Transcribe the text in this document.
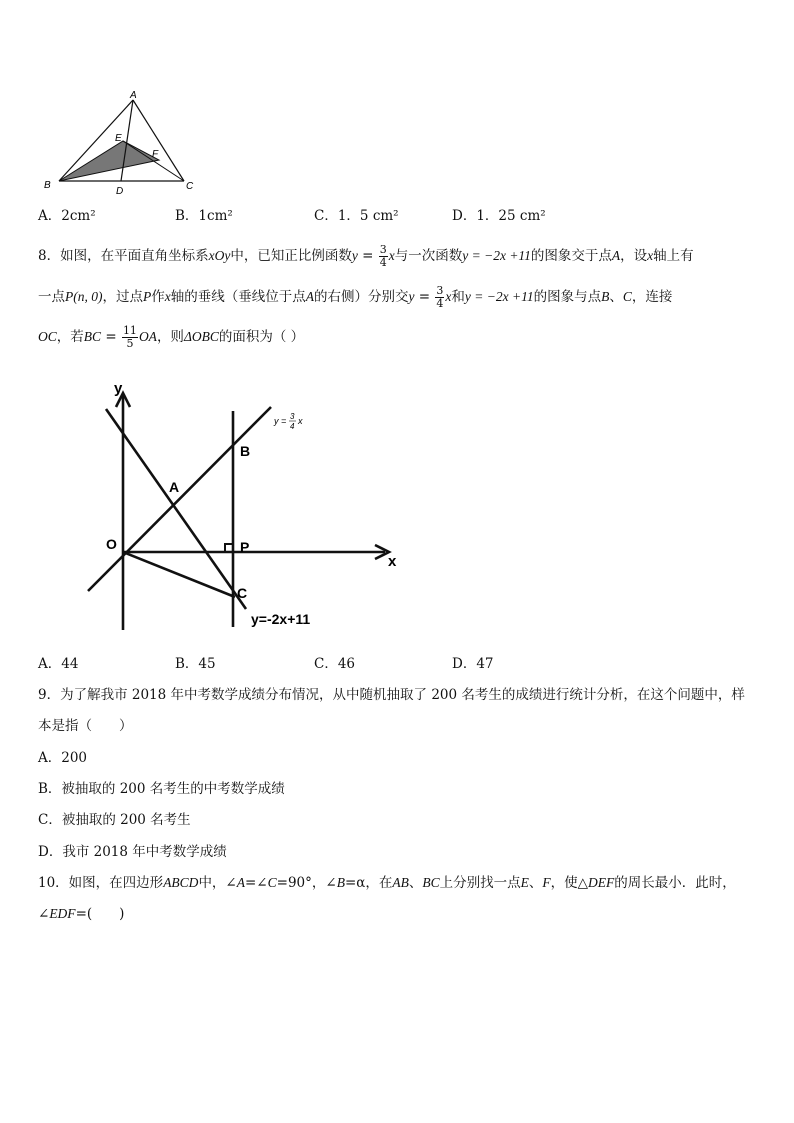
A
B	C
D
E
F
A．2cm²	B．1cm²	C．1．5 cm²	D．1．25 cm²
8．如图，在平面直角坐标系xOy中，已知正比例函数$y = \frac{3}{4}$ x与一次函数y = −2x +11的图象交于点A，设x轴上有
一点P(n, 0)，过点P作x轴的垂线（垂线位于点A的右侧）分别交$y = \frac{3}{4}$ x和y = −2x +11的图象与点B、C，连接
OC，若BC = $\frac{11}{5}$ OA，则ΔOBC的面积为（ ）
y
x
O
A
B
C
P
y = 3
4
x
y=-2x+11
A．44	B．45	C．46	D．47
9．为了解我市 2018 年中考数学成绩分布情况，从中随机抽取了 200 名考生的成绩进行统计分析，在这个问题中，样
本是指（　　）
A．200
B．被抽取的 200 名考生的中考数学成绩
C．被抽取的 200 名考生
D．我市 2018 年中考数学成绩
10．如图，在四边形ABCD中，∠A=∠C=90°，∠B=α，在AB、BC上分别找一点E、F，使△DEF的周长最小．此时，
∠EDF=(　　)
